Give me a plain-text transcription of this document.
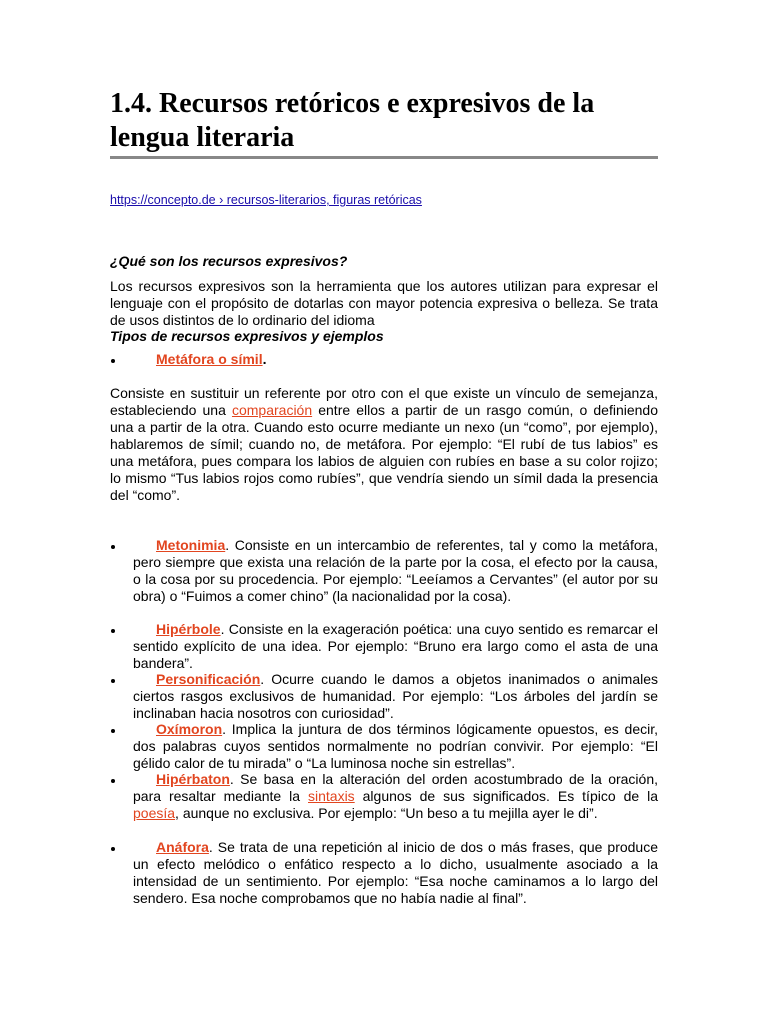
1.4. Recursos retóricos e expresivos de la lengua literaria
https://concepto.de › recursos-literarios, figuras retóricas
¿Qué son los recursos expresivos?

Los recursos expresivos son la herramienta que los autores utilizan para expresar el lenguaje con el propósito de dotarlas con mayor potencia expresiva o belleza. Se trata de usos distintos de lo ordinario del idioma

Tipos de recursos expresivos y ejemplos

Metáfora o símil.

Consiste en sustituir un referente por otro con el que existe un vínculo de semejanza, estableciendo una comparación entre ellos a partir de un rasgo común, o definiendo una a partir de la otra. Cuando esto ocurre mediante un nexo (un “como”, por ejemplo), hablaremos de símil; cuando no, de metáfora. Por ejemplo: “El rubí de tus labios” es una metáfora, pues compara los labios de alguien con rubíes en base a su color rojizo; lo mismo “Tus labios rojos como rubíes”, que vendría siendo un símil dada la presencia del “como”.

Metonimia. Consiste en un intercambio de referentes, tal y como la metáfora, pero siempre que exista una relación de la parte por la cosa, el efecto por la causa, o la cosa por su procedencia. Por ejemplo: “Leeíamos a Cervantes” (el autor por su obra) o “Fuimos a comer chino” (la nacionalidad por la cosa).

Hipérbole. Consiste en la exageración poética: una cuyo sentido es remarcar el sentido explícito de una idea. Por ejemplo: “Bruno era largo como el asta de una bandera”.

Personificación. Ocurre cuando le damos a objetos inanimados o animales ciertos rasgos exclusivos de humanidad. Por ejemplo: “Los árboles del jardín se inclinaban hacia nosotros con curiosidad”.

Oxímoron. Implica la juntura de dos términos lógicamente opuestos, es decir, dos palabras cuyos sentidos normalmente no podrían convivir. Por ejemplo: “El gélido calor de tu mirada” o “La luminosa noche sin estrellas”.

Hipérbaton. Se basa en la alteración del orden acostumbrado de la oración, para resaltar mediante la sintaxis algunos de sus significados. Es típico de la poesía, aunque no exclusiva. Por ejemplo: “Un beso a tu mejilla ayer le di”.

Anáfora. Se trata de una repetición al inicio de dos o más frases, que produce un efecto melódico o enfático respecto a lo dicho, usualmente asociado a la intensidad de un sentimiento. Por ejemplo: “Esa noche caminamos a lo largo del sendero. Esa noche comprobamos que no había nadie al final”.
